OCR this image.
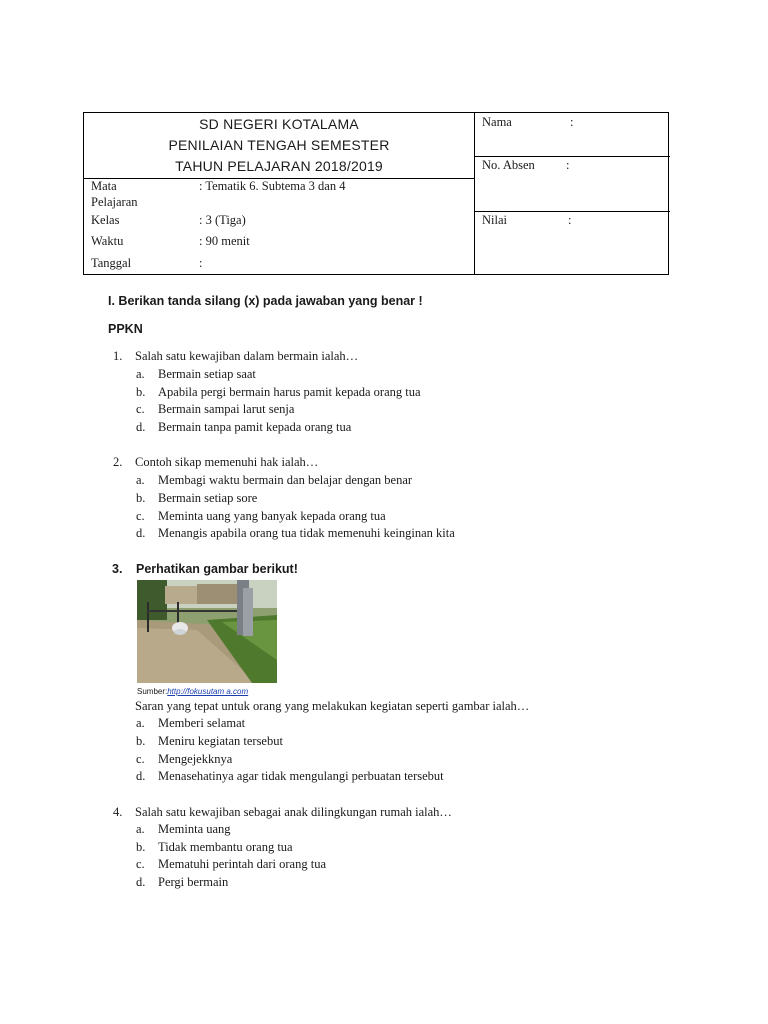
SD NEGERI KOTALAMA
PENILAIAN TENGAH SEMESTER
TAHUN PELAJARAN 2018/2019
Mata
Pelajaran
: Tematik 6. Subtema 3 dan 4
Kelas	: 3 (Tiga)
Waktu	: 90 menit
Tanggal	:
Nama	:
No. Absen :
Nilai	:
I. Berikan tanda silang (x) pada jawaban yang benar !
PPKN
1. Salah satu kewajiban dalam bermain ialah…
a. Bermain setiap saat
b. Apabila pergi bermain harus pamit kepada orang tua
c. Bermain sampai larut senja
d. Bermain tanpa pamit kepada orang tua
2. Contoh sikap memenuhi hak ialah…
a. Membagi waktu bermain dan belajar dengan benar
b. Bermain setiap sore
c. Meminta uang yang banyak kepada orang tua
d. Menangis apabila orang tua tidak memenuhi keinginan kita
3. Perhatikan gambar berikut!
Sumber:http://fokusutam a.com
Saran yang tepat untuk orang yang melakukan kegiatan seperti gambar ialah…
a. Memberi selamat
b. Meniru kegiatan tersebut
c. Mengejekknya
d. Menasehatinya agar tidak mengulangi perbuatan tersebut
4. Salah satu kewajiban sebagai anak dilingkungan rumah ialah…
a. Meminta uang
b. Tidak membantu orang tua
c. Mematuhi perintah dari orang tua
d. Pergi bermain
